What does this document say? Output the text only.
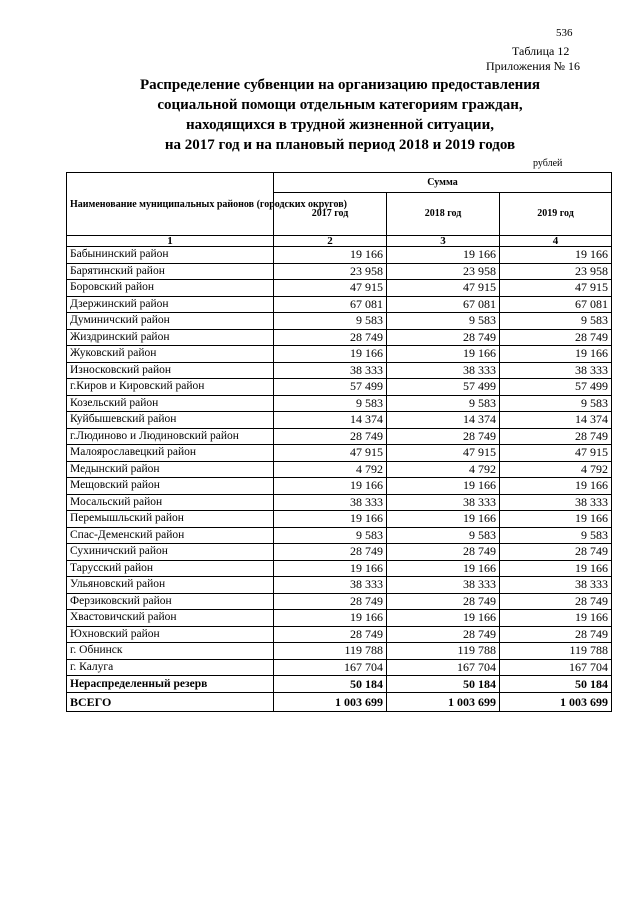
536
Таблица 12
Приложения № 16
Распределение субвенции на организацию предоставления
социальной помощи отдельным категориям граждан,
находящихся в трудной жизненной ситуации,
на 2017 год и на плановый период 2018 и 2019 годов
рублей
Наименование муниципальных районов (городских округов)	Сумма		
	2017 год	2018 год	2019 год
1	2	3	4
Бабынинский район	19 166	19 166	19 166
Барятинский район	23 958	23 958	23 958
Боровский район	47 915	47 915	47 915
Дзержинский район	67 081	67 081	67 081
Думиничский район	9 583	9 583	9 583
Жиздринский район	28 749	28 749	28 749
Жуковский район	19 166	19 166	19 166
Износковский район	38 333	38 333	38 333
г.Киров и Кировский район	57 499	57 499	57 499
Козельский район	9 583	9 583	9 583
Куйбышевский район	14 374	14 374	14 374
г.Людиново и Людиновский район	28 749	28 749	28 749
Малоярославецкий район	47 915	47 915	47 915
Медынский район	4 792	4 792	4 792
Мещовский район	19 166	19 166	19 166
Мосальский район	38 333	38 333	38 333
Перемышльский район	19 166	19 166	19 166
Спас-Деменский район	9 583	9 583	9 583
Сухиничский район	28 749	28 749	28 749
Тарусский район	19 166	19 166	19 166
Ульяновский район	38 333	38 333	38 333
Ферзиковский район	28 749	28 749	28 749
Хвастовичский район	19 166	19 166	19 166
Юхновский район	28 749	28 749	28 749
г. Обнинск	119 788	119 788	119 788
г. Калуга	167 704	167 704	167 704
Нераспределенный резерв	50 184	50 184	50 184
ВСЕГО	1 003 699	1 003 699	1 003 699
